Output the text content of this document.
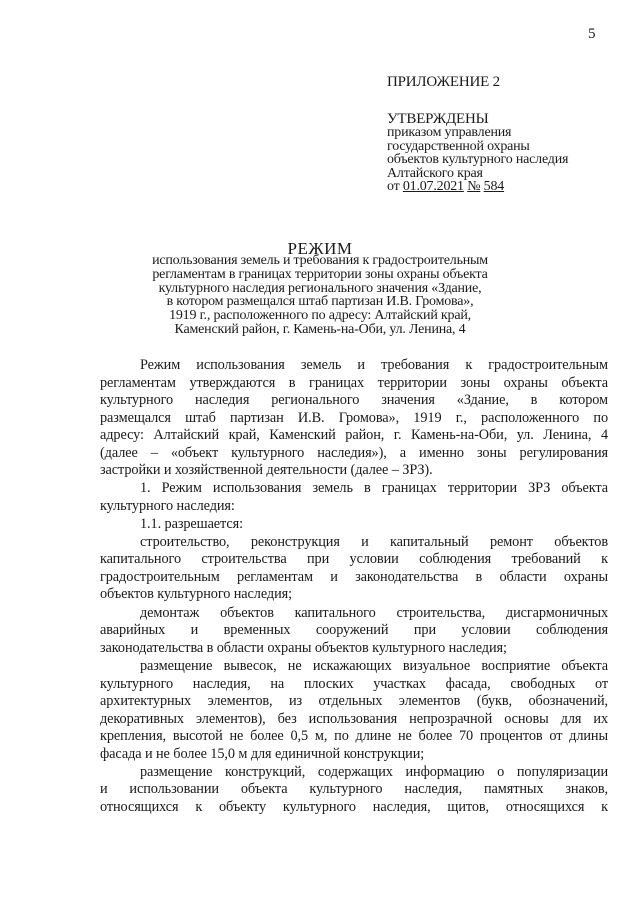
5
ПРИЛОЖЕНИЕ 2
УТВЕРЖДЕНЫ
приказом управления
государственной охраны
объектов культурного наследия
Алтайского края
от 01.07.2021 № 584
РЕЖИМ
использования земель и требования к градостроительным
регламентам в границах территории зоны охраны объекта
культурного наследия регионального значения «Здание,
в котором размещался штаб партизан И.В. Громова»,
1919 г., расположенного по адресу: Алтайский край,
Каменский район, г. Камень-на-Оби, ул. Ленина, 4
Режим использования земель и требования к градостроительным
регламентам утверждаются в границах территории зоны охраны объекта
культурного наследия регионального значения «Здание, в котором
размещался штаб партизан И.В. Громова», 1919 г., расположенного по
адресу: Алтайский край, Каменский район, г. Камень-на-Оби, ул. Ленина, 4
(далее – «объект культурного наследия»), а именно зоны регулирования
застройки и хозяйственной деятельности (далее – ЗРЗ).
1. Режим использования земель в границах территории ЗРЗ объекта
культурного наследия:
1.1. разрешается:
строительство, реконструкция и капитальный ремонт объектов
капитального строительства при условии соблюдения требований к
градостроительным регламентам и законодательства в области охраны
объектов культурного наследия;
демонтаж объектов капитального строительства, дисгармоничных
аварийных и временных сооружений при условии соблюдения
законодательства в области охраны объектов культурного наследия;
размещение вывесок, не искажающих визуальное восприятие объекта
культурного наследия, на плоских участках фасада, свободных от
архитектурных элементов, из отдельных элементов (букв, обозначений,
декоративных элементов), без использования непрозрачной основы для их
крепления, высотой не более 0,5 м, по длине не более 70 процентов от длины
фасада и не более 15,0 м для единичной конструкции;
размещение конструкций, содержащих информацию о популяризации
и использовании объекта культурного наследия, памятных знаков,
относящихся к объекту культурного наследия, щитов, относящихся к
